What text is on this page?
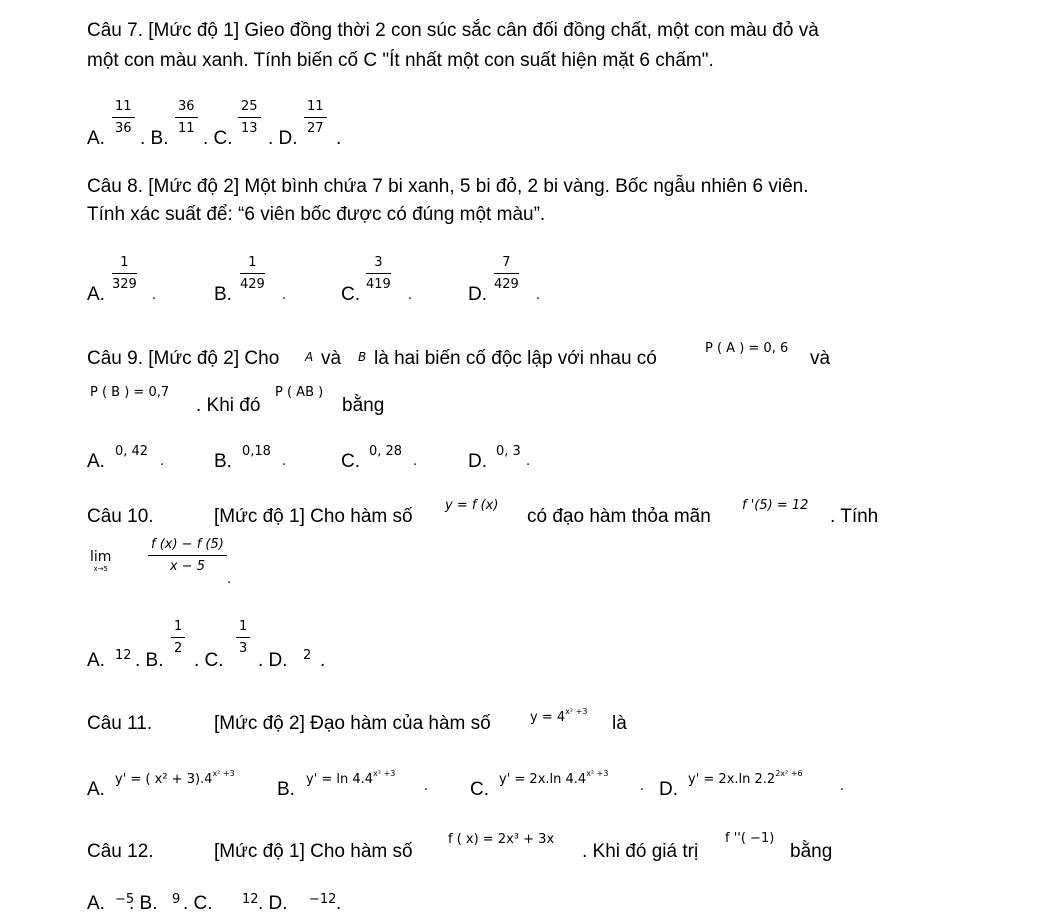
Câu 7. [Mức độ 1] Gieo đồng thời 2 con súc sắc cân đối đồng chất, một con màu đỏ và
một con màu xanh. Tính biến cố C "Ít nhất một con suất hiện mặt 6 chấm".
A.
11
36 . B.
36
11 . C.
25
13 . D.
11
27 .
Câu 8. [Mức độ 2] Một bình chứa 7 bi xanh, 5 bi đỏ, 2 bi vàng. Bốc ngẫu nhiên 6 viên.
Tính xác suất để: “6 viên bốc được có đúng một màu”.
A.
1
329
.	B.
1
429
.	C.
3
419
.	D.
7
429
.
Câu 9. [Mức độ 2] Cho A và B là hai biến cố độc lập với nhau có	P ( A ) = 0, 6 và
P ( B ) = 0,7
. Khi đó
P ( AB )
bằng
A. 0, 42
.	B. 0,18
.	C. 0, 28
.	D. 0, 3
.
Câu 10.	[Mức độ 1] Cho hàm số
y = f (x)
có đạo hàm thỏa mãn
f '(5) = 12
. Tính
lim
x→5
f (x) − f (5)
x − 5
.
A. 12 . B.
1
2
. C.
1
3
. D. 2 .
Câu 11.	[Mức độ 2] Đạo hàm của hàm số	$y = 4^{x^2 +3}$
là
A. y' = ( $x^2 + 3).4^{x^2 +3}$
B. $y' = \ln 4.4^{x^2 +3}$
. C. y' = 2x.ln $4.4^{x^2 +3}$
. D. y' = 2x.ln $2.2^{2x^2 +6}$
.
Câu 12.	[Mức độ 1] Cho hàm số
f ( x) = 2x³ + 3x
. Khi đó giá trị
f ''( −1)
bằng
A. −5
. B. 9 . C. 12 . D. −12 .
